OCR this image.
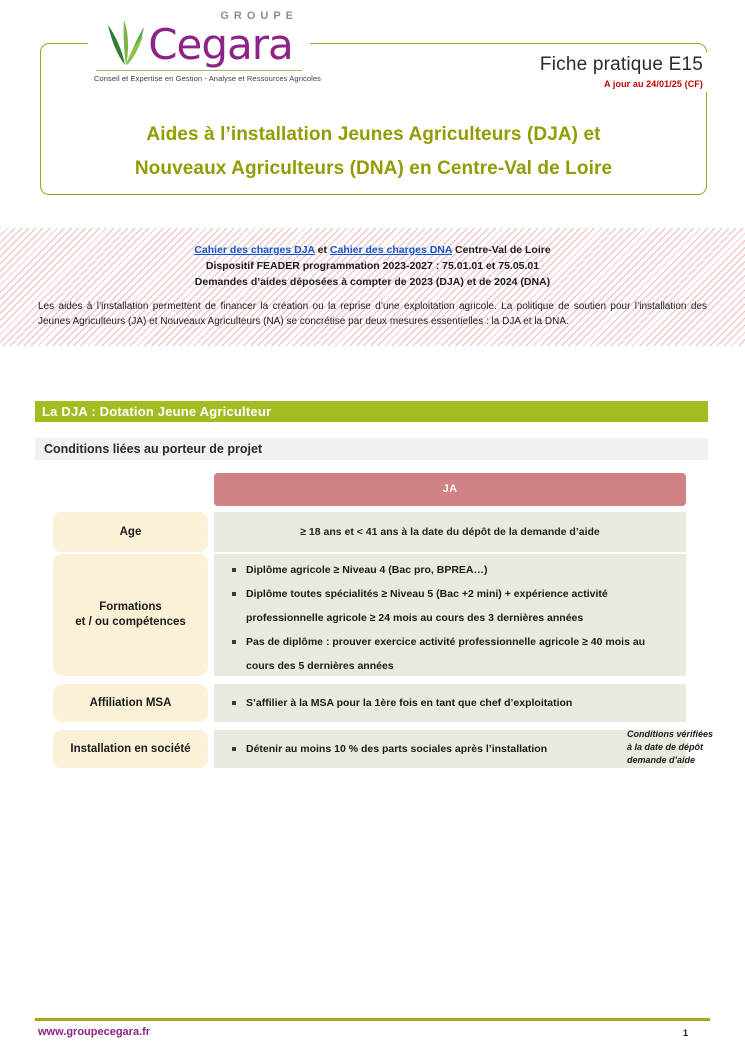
GROUPE
Cegara
Conseil et Expertise en Gestion - Analyse et Ressources Agricoles
Fiche pratique E15
A jour au 24/01/25 (CF)
Aides à l’installation Jeunes Agriculteurs (DJA) et
Nouveaux Agriculteurs (DNA) en Centre-Val de Loire
Cahier des charges DJA et Cahier des charges DNA Centre-Val de Loire
Dispositif FEADER programmation 2023-2027 : 75.01.01 et 75.05.01
Demandes d’aides déposées à compter de 2023 (DJA) et de 2024 (DNA)
Les aides à l’installation permettent de financer la création ou la reprise d’une exploitation agricole. La politique de soutien pour l’installation des Jeunes Agriculteurs (JA) et Nouveaux Agriculteurs (NA) se concrétise par deux mesures essentielles : la DJA et la DNA.
La DJA : Dotation Jeune Agriculteur
Conditions liées au porteur de projet
JA
Age	≥ 18 ans et < 41 ans à la date du dépôt de la demande d’aide
Formations
et / ou compétences
Diplôme agricole ≥ Niveau 4 (Bac pro, BPREA…)
Diplôme toutes spécialités ≥ Niveau 5 (Bac +2 mini) + expérience activité professionnelle agricole ≥ 24 mois au cours des 3 dernières années
Pas de diplôme : prouver exercice activité professionnelle agricole ≥ 40 mois au cours des 5 dernières années
Affiliation MSA	S’affilier à la MSA pour la 1ère fois en tant que chef d’exploitation
Installation en société	Détenir au moins 10 % des parts sociales après l’installation
Conditions vérifiées
à la date de dépôt
demande d’aide
www.groupecegara.fr	1
